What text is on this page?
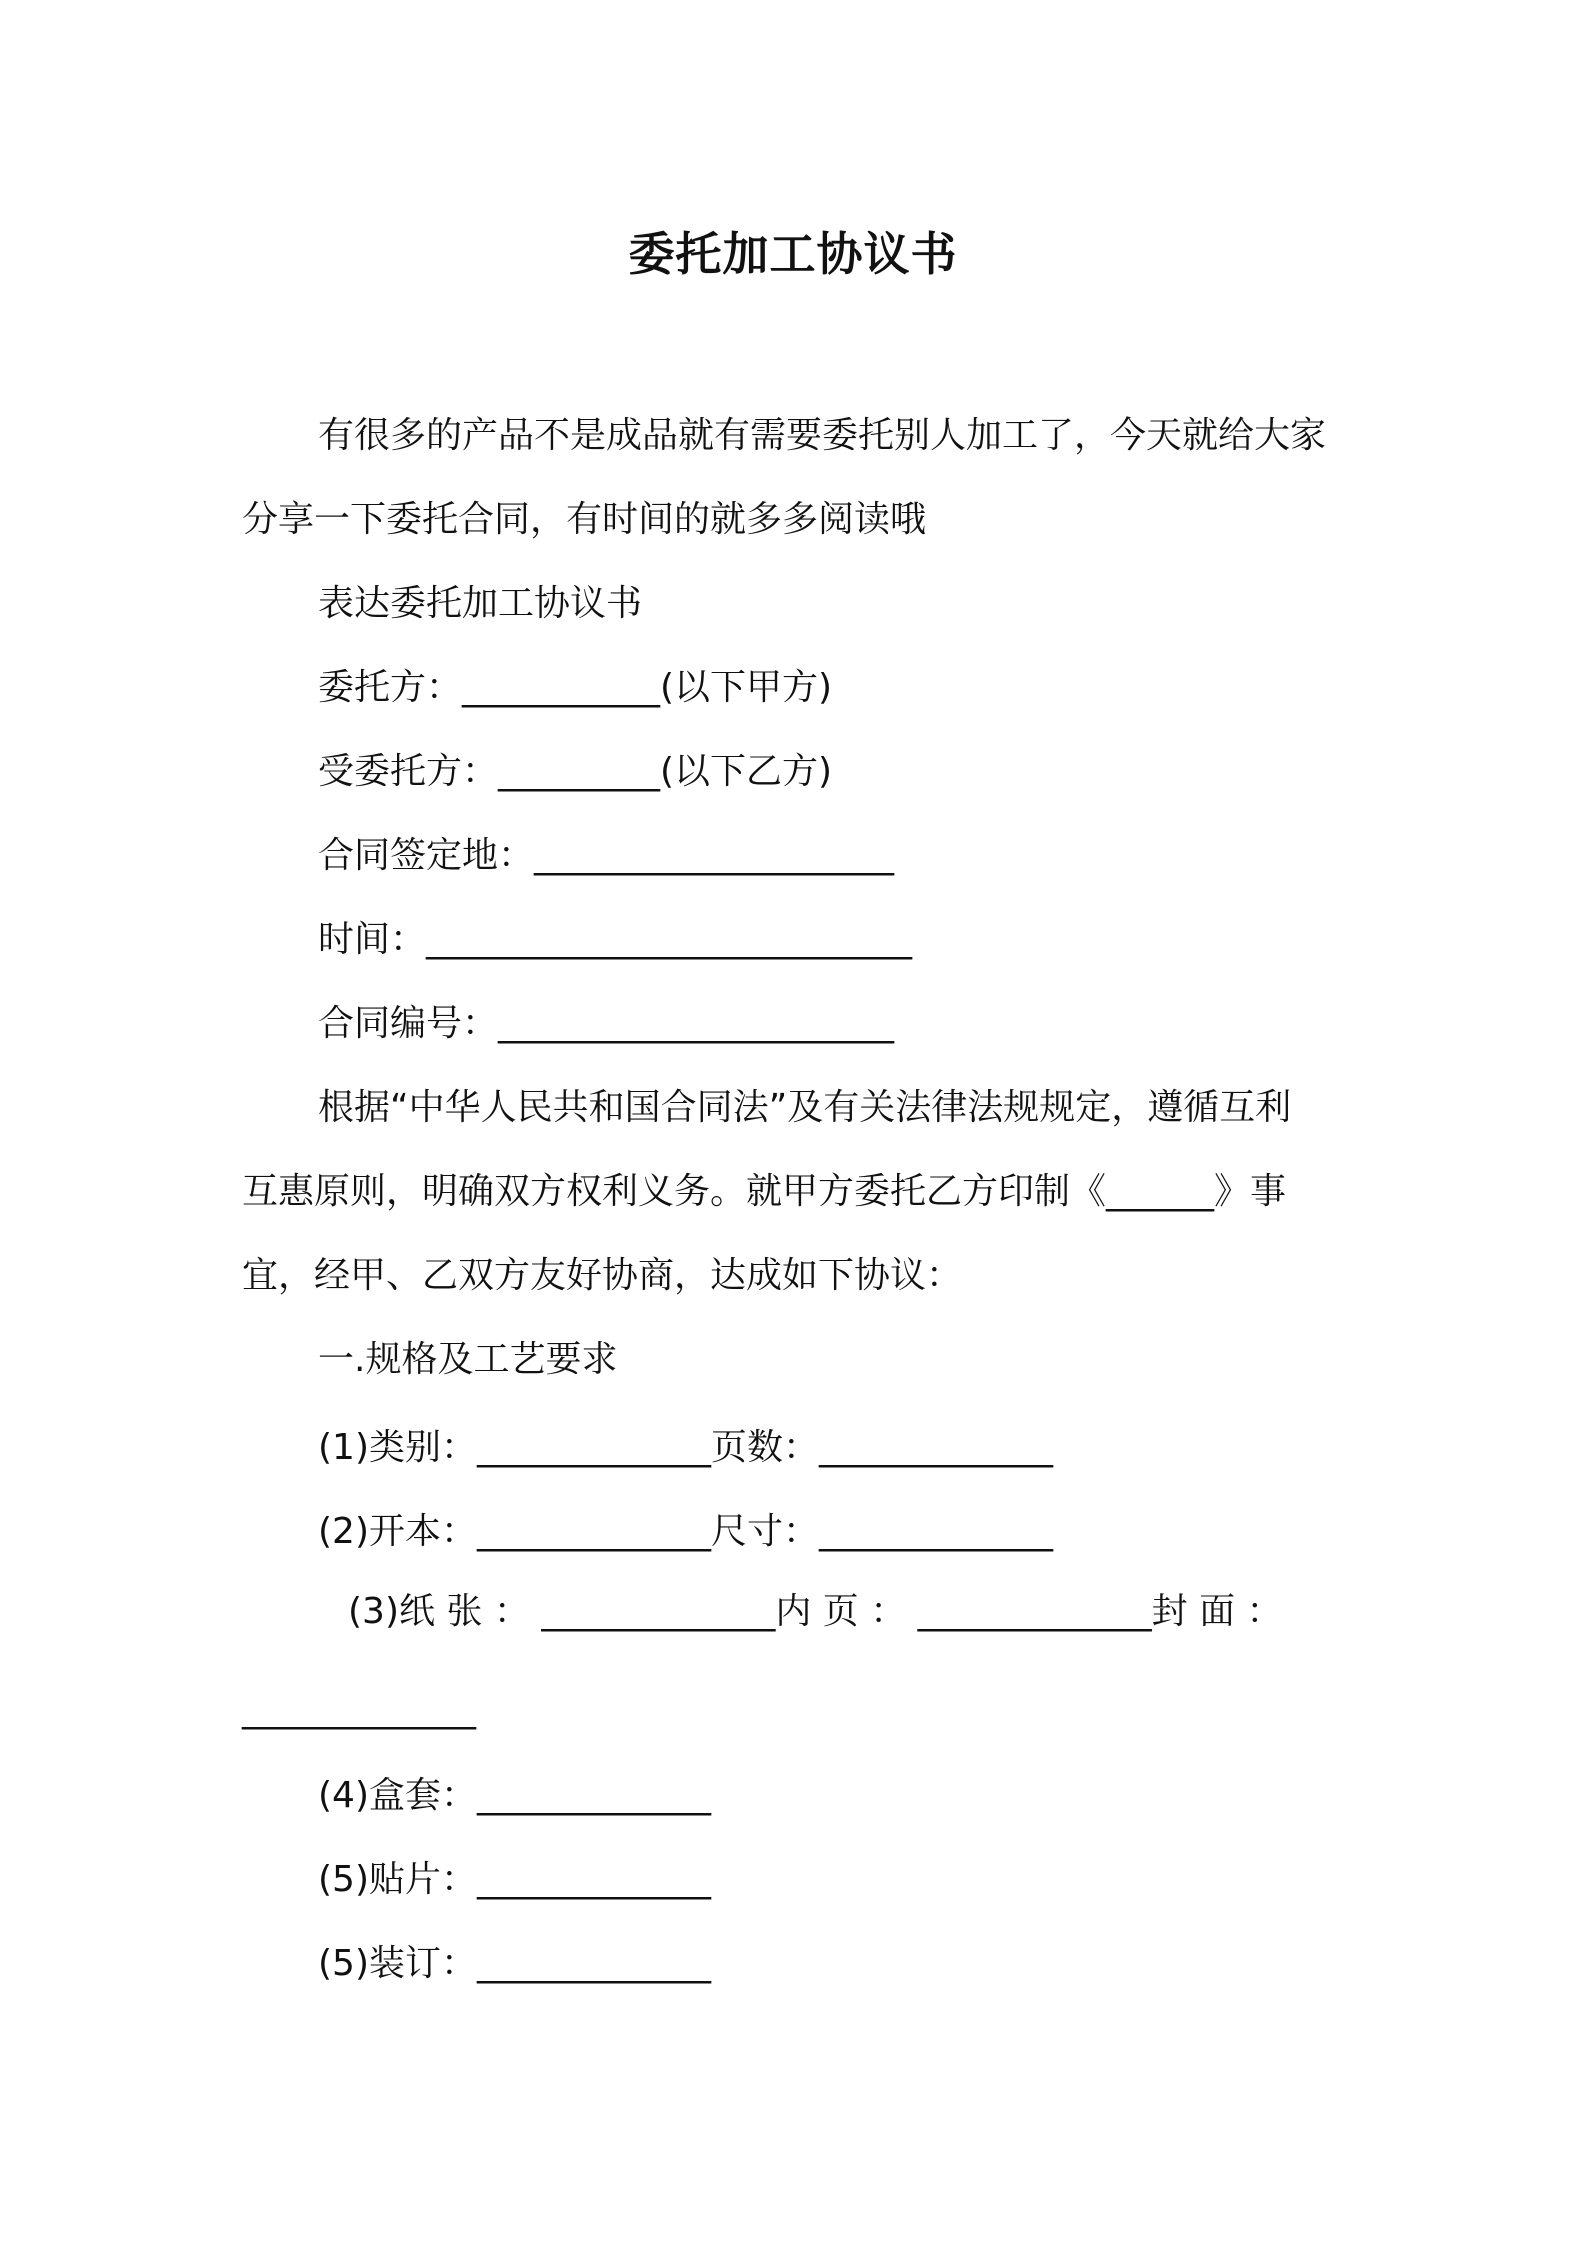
委托加工协议书
有很多的产品不是成品就有需要委托别人加工了，今天就给大家
分享一下委托合同，有时间的就多多阅读哦
表达委托加工协议书
委托方：___________(以下甲方)
受委托方：_________(以下乙方)
合同签定地：____________________
时间：___________________________
合同编号：______________________
根据“中华人民共和国合同法”及有关法律法规规定，遵循互利
互惠原则，明确双方权利义务。就甲方委托乙方印制《______》事
宜，经甲、乙双方友好协商，达成如下协议：
一.规格及工艺要求
(1)类别：_____________页数：_____________
(2)开本：_____________尺寸：_____________
(3)纸 张 ： _____________内 页 ： _____________封 面 ：
_____________
(4)盒套：_____________
(5)贴片：_____________
(5)装订：_____________
